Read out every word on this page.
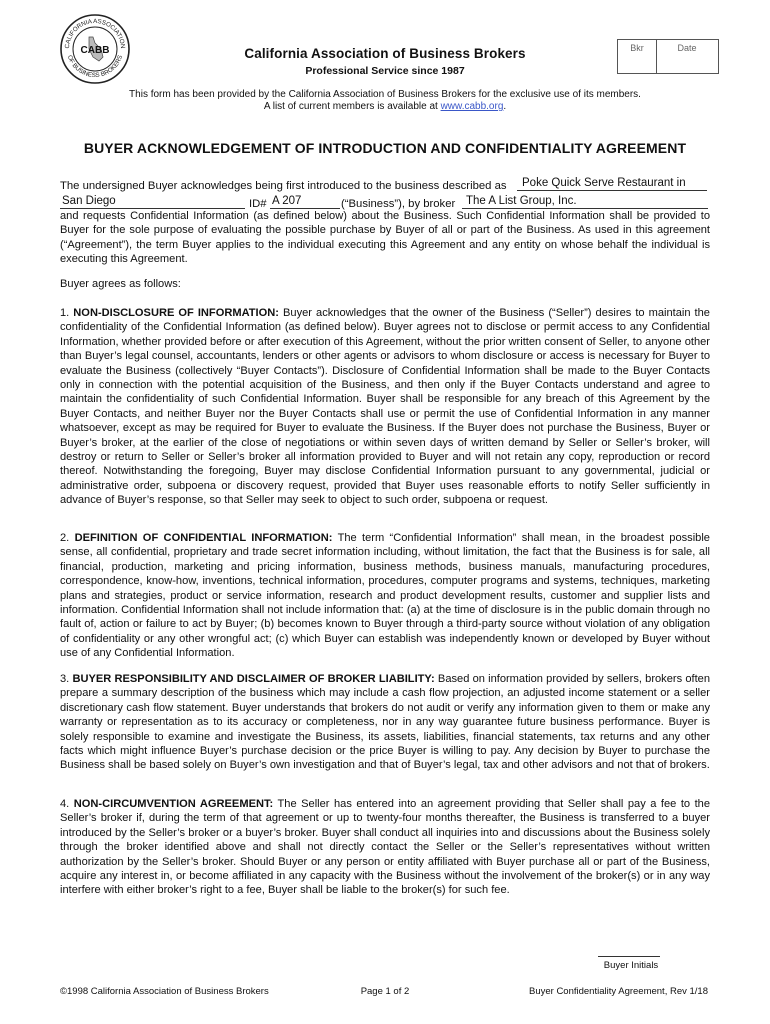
CALIFORNIA ASSOCIATION
OF BUSINESS BROKERS
CABB	California Association of Business Brokers
Professional Service since 1987
Bkr	Date
This form has been provided by the California Association of Business Brokers for the exclusive use of its members.
A list of current members is available at www.cabb.org.
BUYER ACKNOWLEDGEMENT OF INTRODUCTION AND CONFIDENTIALITY AGREEMENT
The undersigned Buyer acknowledges being first introduced to the business described as	Poke Quick Serve Restaurant in
San Diego	ID# A 207	(“Business”), by broker The A List Group, Inc.
and requests Confidential Information (as defined below) about the Business. Such Confidential Information shall be provided to Buyer for the sole purpose of evaluating the possible purchase by Buyer of all or part of the Business. As used in this agreement (“Agreement”), the term Buyer applies to the individual executing this Agreement and any entity on whose behalf the individual is executing this Agreement.
Buyer agrees as follows:
1. NON-DISCLOSURE OF INFORMATION: Buyer acknowledges that the owner of the Business (“Seller”) desires to maintain the confidentiality of the Confidential Information (as defined below). Buyer agrees not to disclose or permit access to any Confidential Information, whether provided before or after execution of this Agreement, without the prior written consent of Seller, to anyone other than Buyer’s legal counsel, accountants, lenders or other agents or advisors to whom disclosure or access is necessary for Buyer to evaluate the Business (collectively “Buyer Contacts”). Disclosure of Confidential Information shall be made to the Buyer Contacts only in connection with the potential acquisition of the Business, and then only if the Buyer Contacts understand and agree to maintain the confidentiality of such Confidential Information. Buyer shall be responsible for any breach of this Agreement by the Buyer Contacts, and neither Buyer nor the Buyer Contacts shall use or permit the use of Confidential Information in any manner whatsoever, except as may be required for Buyer to evaluate the Business. If the Buyer does not purchase the Business, Buyer or Buyer’s broker, at the earlier of the close of negotiations or within seven days of written demand by Seller or Seller’s broker, will destroy or return to Seller or Seller’s broker all information provided to Buyer and will not retain any copy, reproduction or record thereof. Notwithstanding the foregoing, Buyer may disclose Confidential Information pursuant to any governmental, judicial or administrative order, subpoena or discovery request, provided that Buyer uses reasonable efforts to notify Seller sufficiently in advance of Buyer’s response, so that Seller may seek to object to such order, subpoena or request.
2. DEFINITION OF CONFIDENTIAL INFORMATION: The term “Confidential Information” shall mean, in the broadest possible sense, all confidential, proprietary and trade secret information including, without limitation, the fact that the Business is for sale, all financial, production, marketing and pricing information, business methods, business manuals, manufacturing procedures, correspondence, know-how, inventions, technical information, procedures, computer programs and systems, techniques, marketing plans and strategies, product or service information, research and product development results, customer and supplier lists and information. Confidential Information shall not include information that: (a) at the time of disclosure is in the public domain through no fault of, action or failure to act by Buyer; (b) becomes known to Buyer through a third-party source without violation of any obligation of confidentiality or any other wrongful act; (c) which Buyer can establish was independently known or developed by Buyer without use of any Confidential Information.
3. BUYER RESPONSIBILITY AND DISCLAIMER OF BROKER LIABILITY: Based on information provided by sellers, brokers often prepare a summary description of the business which may include a cash flow projection, an adjusted income statement or a seller discretionary cash flow statement. Buyer understands that brokers do not audit or verify any information given to them or make any warranty or representation as to its accuracy or completeness, nor in any way guarantee future business performance. Buyer is solely responsible to examine and investigate the Business, its assets, liabilities, financial statements, tax returns and any other facts which might influence Buyer’s purchase decision or the price Buyer is willing to pay. Any decision by Buyer to purchase the Business shall be based solely on Buyer’s own investigation and that of Buyer’s legal, tax and other advisors and not that of brokers.
4. NON-CIRCUMVENTION AGREEMENT: The Seller has entered into an agreement providing that Seller shall pay a fee to the Seller’s broker if, during the term of that agreement or up to twenty-four months thereafter, the Business is transferred to a buyer introduced by the Seller’s broker or a buyer’s broker. Buyer shall conduct all inquiries into and discussions about the Business solely through the broker identified above and shall not directly contact the Seller or the Seller’s representatives without written authorization by the Seller’s broker. Should Buyer or any person or entity affiliated with Buyer purchase all or part of the Business, acquire any interest in, or become affiliated in any capacity with the Business without the involvement of the broker(s) or in any way interfere with either broker’s right to a fee, Buyer shall be liable to the broker(s) for such fee.
Buyer Initials
©1998 California Association of Business Brokers	Page 1 of 2	Buyer Confidentiality Agreement, Rev 1/18
